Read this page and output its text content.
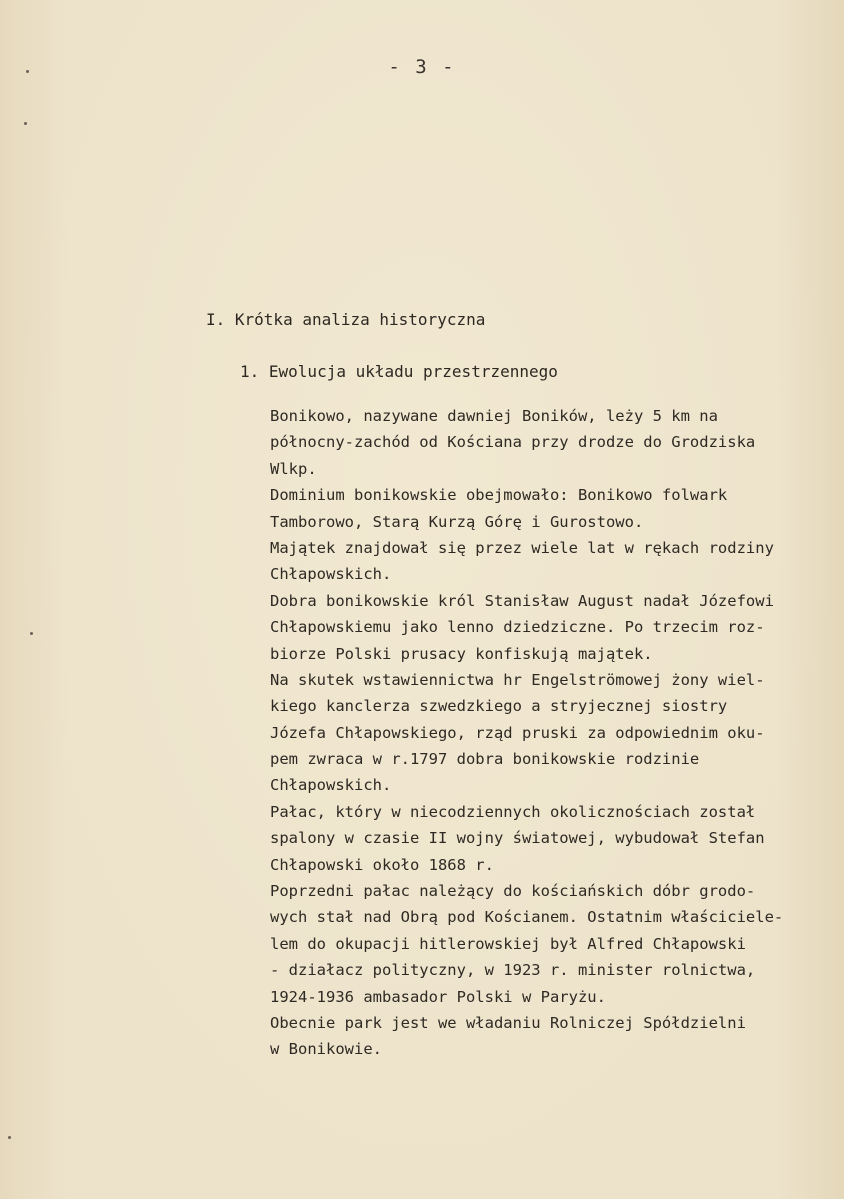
- 3 -
I. Krótka analiza historyczna
1. Ewolucja układu przestrzennego
Bonikowo, nazywane dawniej Boników, leży 5 km na
północny-zachód od Kościana przy drodze do Grodziska
Wlkp.
Dominium bonikowskie obejmowało: Bonikowo folwark
Tamborowo, Starą Kurzą Górę i Gurostowo.
Majątek znajdował się przez wiele lat w rękach rodziny
Chłapowskich.
Dobra bonikowskie król Stanisław August nadał Józefowi
Chłapowskiemu jako lenno dziedziczne. Po trzecim roz-
biorze Polski prusacy konfiskują majątek.
Na skutek wstawiennictwa hr Engelströmowej żony wiel-
kiego kanclerza szwedzkiego a stryjecznej siostry
Józefa Chłapowskiego, rząd pruski za odpowiednim oku-
pem zwraca w r.1797 dobra bonikowskie rodzinie
Chłapowskich.
Pałac, który w niecodziennych okolicznościach został
spalony w czasie II wojny światowej, wybudował Stefan
Chłapowski około 1868 r.
Poprzedni pałac należący do kościańskich dóbr grodo-
wych stał nad Obrą pod Kościanem. Ostatnim właściciele-
lem do okupacji hitlerowskiej był Alfred Chłapowski
- działacz polityczny, w 1923 r. minister rolnictwa,
1924-1936 ambasador Polski w Paryżu.
Obecnie park jest we władaniu Rolniczej Spółdzielni
w Bonikowie.
